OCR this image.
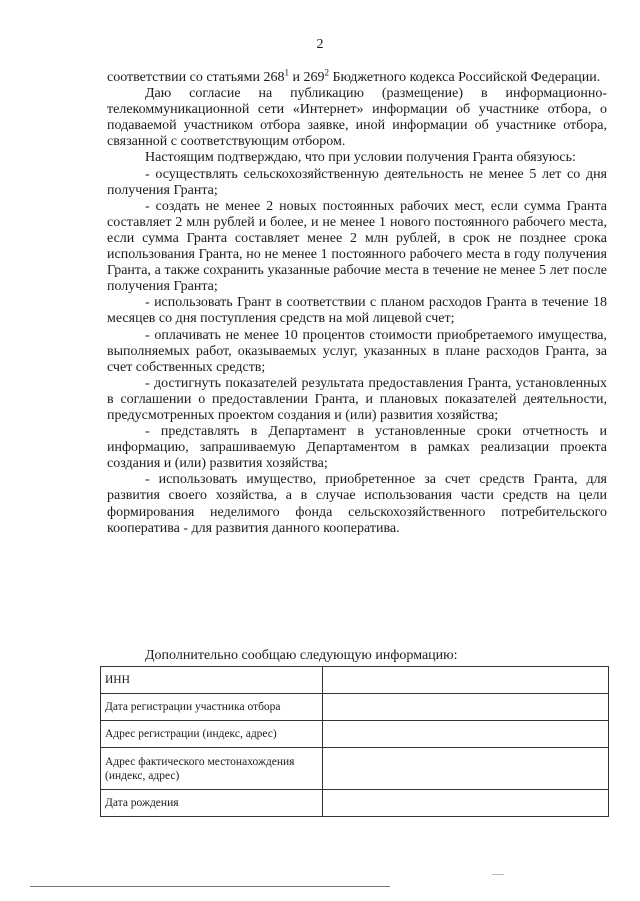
2

соответствии со статьями $268^1$ и $269^2$ Бюджетного кодекса Российской Федерации.

Даю согласие на публикацию (размещение) в информационно-телекоммуникационной сети «Интернет» информации об участнике отбора, о подаваемой участником отбора заявке, иной информации об участнике отбора, связанной с соответствующим отбором.

Настоящим подтверждаю, что при условии получения Гранта обязуюсь:

- осуществлять сельскохозяйственную деятельность не менее 5 лет со дня получения Гранта;

- создать не менее 2 новых постоянных рабочих мест, если сумма Гранта составляет 2 млн рублей и более, и не менее 1 нового постоянного рабочего места, если сумма Гранта составляет менее 2 млн рублей, в срок не позднее срока использования Гранта, но не менее 1 постоянного рабочего места в году получения Гранта, а также сохранить указанные рабочие места в течение не менее 5 лет после получения Гранта;

- использовать Грант в соответствии с планом расходов Гранта в течение 18 месяцев со дня поступления средств на мой лицевой счет;

- оплачивать не менее 10 процентов стоимости приобретаемого имущества, выполняемых работ, оказываемых услуг, указанных в плане расходов Гранта, за счет собственных средств;

- достигнуть показателей результата предоставления Гранта, установленных в соглашении о предоставлении Гранта, и плановых показателей деятельности, предусмотренных проектом создания и (или) развития хозяйства;

- представлять в Департамент в установленные сроки отчетность и информацию, запрашиваемую Департаментом в рамках реализации проекта создания и (или) развития хозяйства;

- использовать имущество, приобретенное за счет средств Гранта, для развития своего хозяйства, а в случае использования части средств на цели формирования неделимого фонда сельскохозяйственного потребительского кооператива - для развития данного кооператива.

Дополнительно сообщаю следующую информацию:
ИНН	
Дата регистрации участника отбора	
Адрес регистрации (индекс, адрес)	
Адрес фактического местонахождения (индекс, адрес)	
Дата рождения	
